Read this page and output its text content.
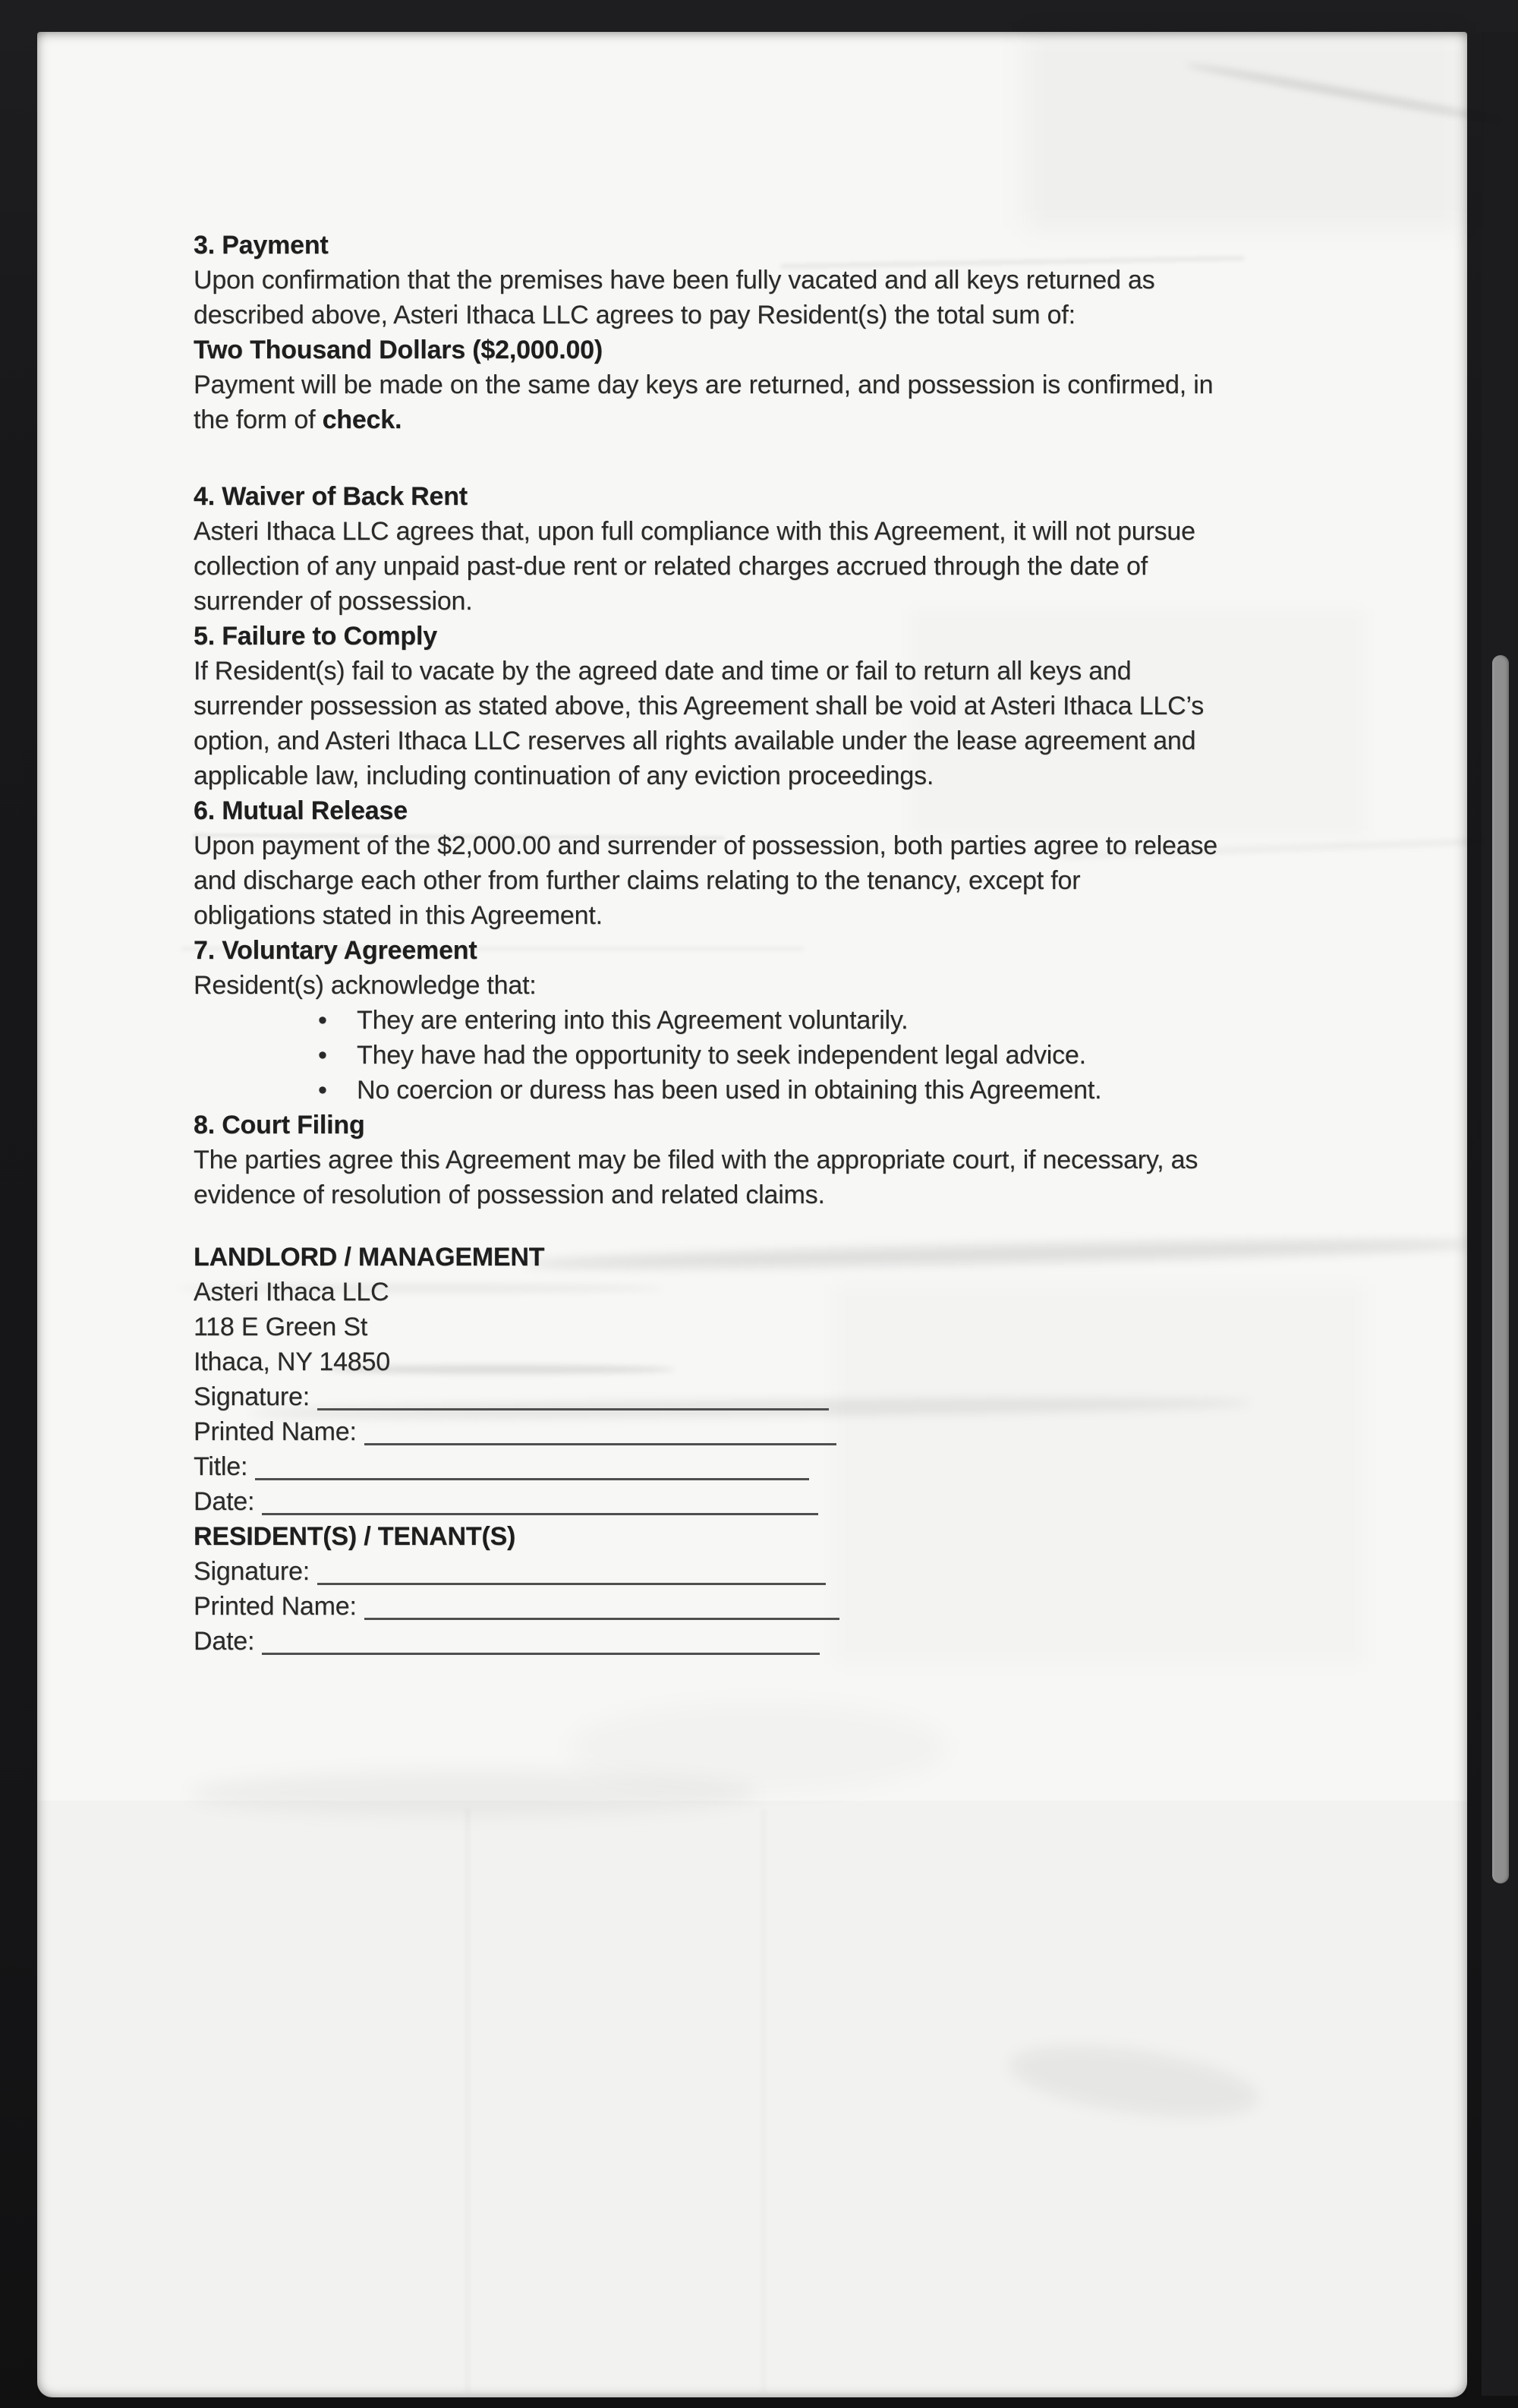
3. Payment
Upon confirmation that the premises have been fully vacated and all keys returned as
described above, Asteri Ithaca LLC agrees to pay Resident(s) the total sum of:
Two Thousand Dollars ($2,000.00)
Payment will be made on the same day keys are returned, and possession is confirmed, in
the form of check.
4. Waiver of Back Rent
Asteri Ithaca LLC agrees that, upon full compliance with this Agreement, it will not pursue
collection of any unpaid past-due rent or related charges accrued through the date of
surrender of possession.
5. Failure to Comply
If Resident(s) fail to vacate by the agreed date and time or fail to return all keys and
surrender possession as stated above, this Agreement shall be void at Asteri Ithaca LLC’s
option, and Asteri Ithaca LLC reserves all rights available under the lease agreement and
applicable law, including continuation of any eviction proceedings.
6. Mutual Release
Upon payment of the $2,000.00 and surrender of possession, both parties agree to release
and discharge each other from further claims relating to the tenancy, except for
obligations stated in this Agreement.
7. Voluntary Agreement
Resident(s) acknowledge that:
• They are entering into this Agreement voluntarily.
• They have had the opportunity to seek independent legal advice.
• No coercion or duress has been used in obtaining this Agreement.
8. Court Filing
The parties agree this Agreement may be filed with the appropriate court, if necessary, as
evidence of resolution of possession and related claims.
LANDLORD / MANAGEMENT
Asteri Ithaca LLC
118 E Green St
Ithaca, NY 14850
Signature:
Printed Name:
Title:
Date:
RESIDENT(S) / TENANT(S)
Signature:
Printed Name:
Date:
